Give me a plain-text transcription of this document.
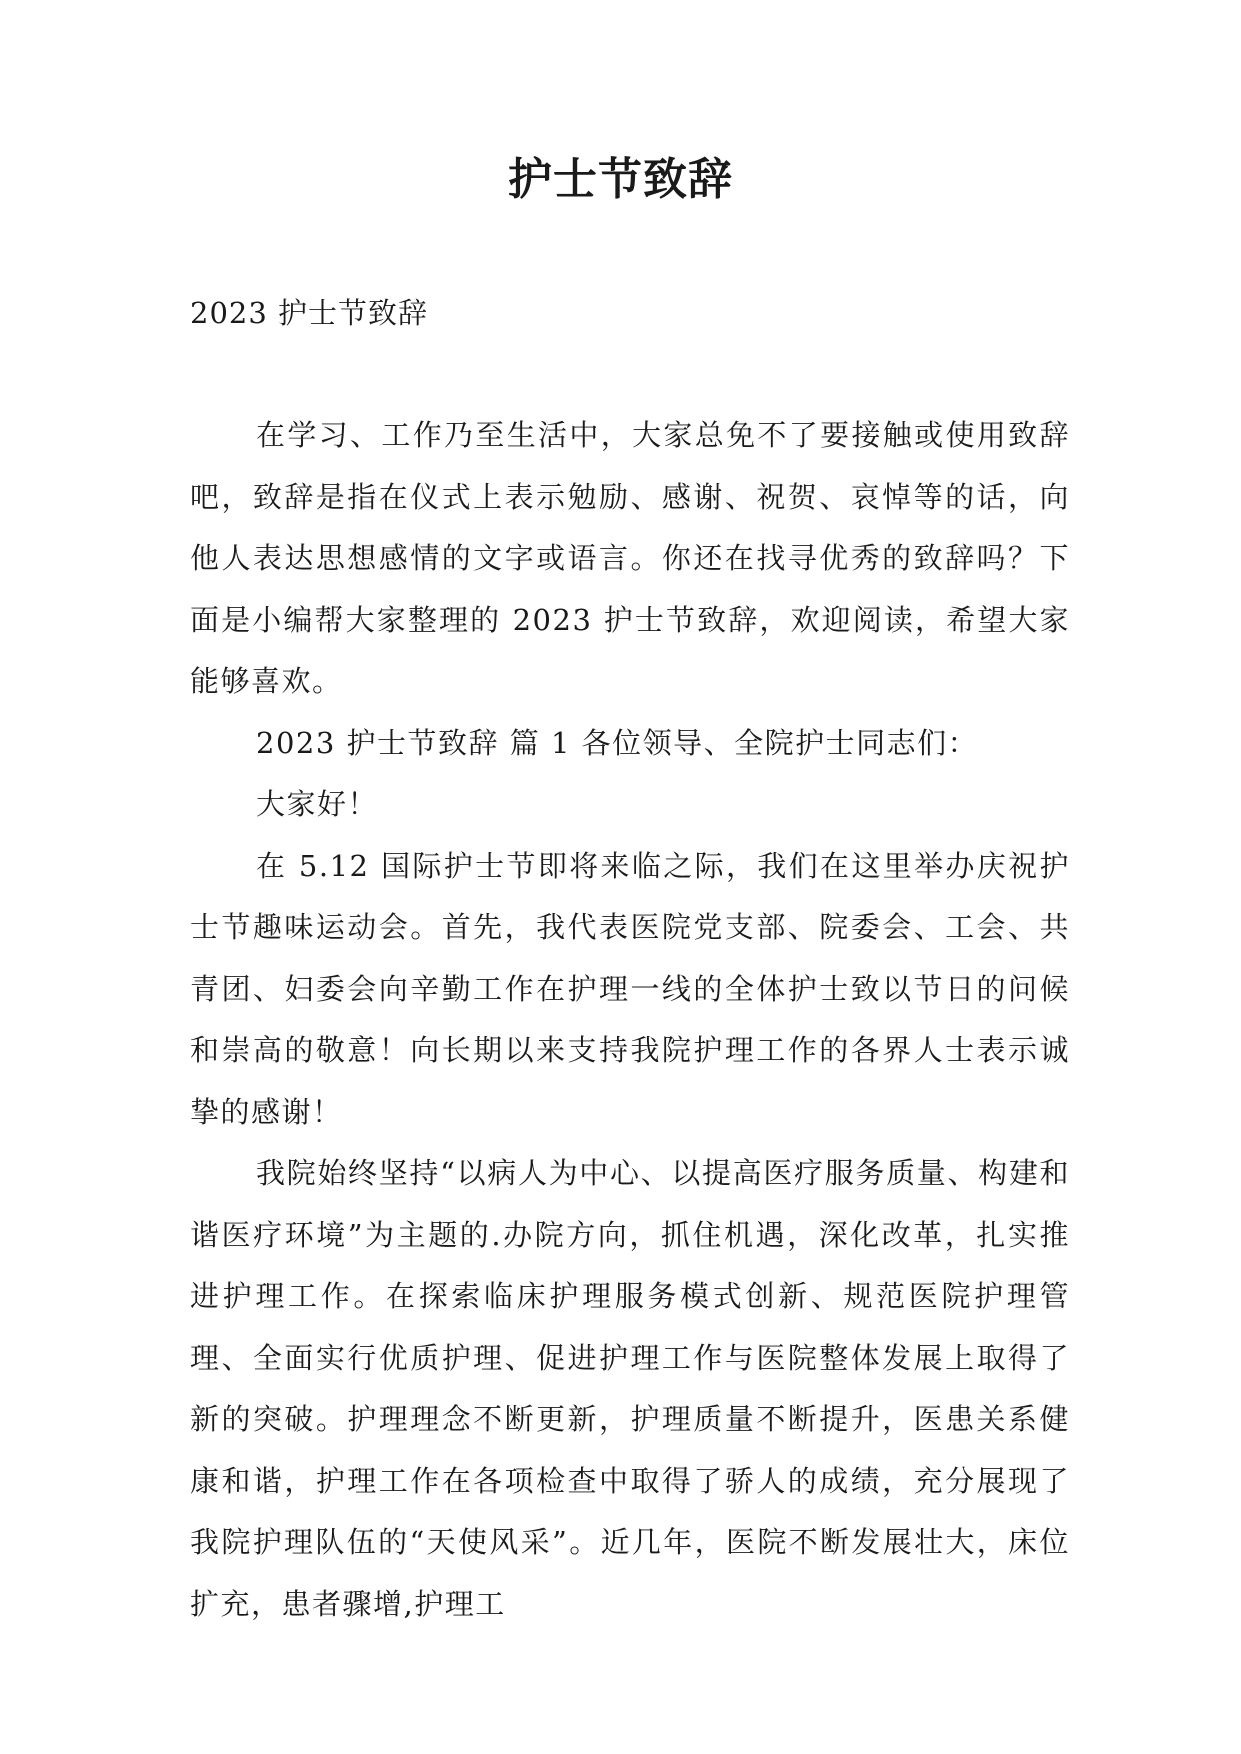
护士节致辞
2023 护士节致辞

在学习、工作乃至生活中，大家总免不了要接触或使用致辞吧，致辞是指在仪式上表示勉励、感谢、祝贺、哀悼等的话，向他人表达思想感情的文字或语言。你还在找寻优秀的致辞吗？下面是小编帮大家整理的 2023 护士节致辞，欢迎阅读，希望大家能够喜欢。

2023 护士节致辞 篇 1 各位领导、全院护士同志们：

大家好！

在 5.12 国际护士节即将来临之际，我们在这里举办庆祝护士节趣味运动会。首先，我代表医院党支部、院委会、工会、共青团、妇委会向辛勤工作在护理一线的全体护士致以节日的问候和崇高的敬意！向长期以来支持我院护理工作的各界人士表示诚挚的感谢！

我院始终坚持“以病人为中心、以提高医疗服务质量、构建和谐医疗环境”为主题的.办院方向，抓住机遇，深化改革，扎实推进护理工作。在探索临床护理服务模式创新、规范医院护理管理、全面实行优质护理、促进护理工作与医院整体发展上取得了新的突破。护理理念不断更新，护理质量不断提升，医患关系健康和谐，护理工作在各项检查中取得了骄人的成绩，充分展现了我院护理队伍的“天使风采”。近几年，医院不断发展壮大，床位扩充，患者骤增,护理工
